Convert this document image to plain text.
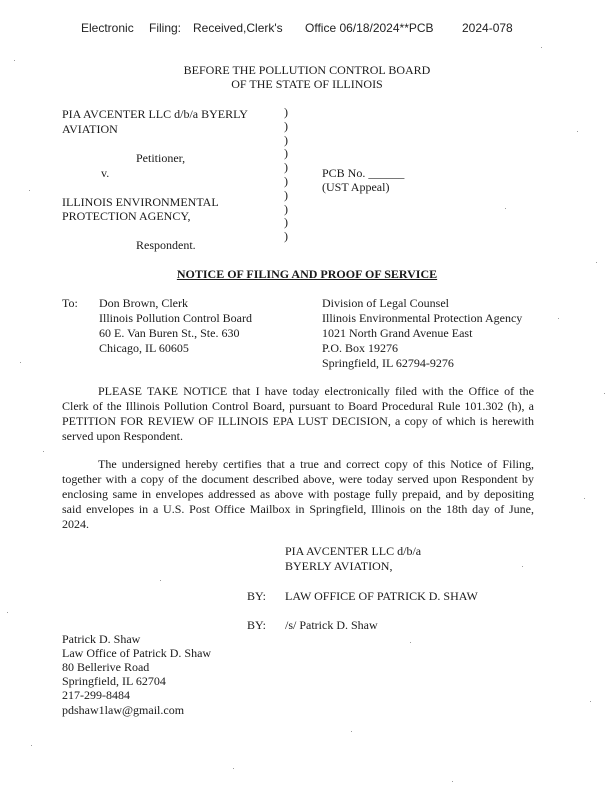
Electronic Filing: Received,Clerk's Office 06/18/2024**PCB 2024-078
BEFORE THE POLLUTION CONTROL BOARD
OF THE STATE OF ILLINOIS
PIA AVCENTER LLC d/b/a BYERLY
AVIATION
Petitioner,
v.
ILLINOIS ENVIRONMENTAL
PROTECTION AGENCY,
Respondent.
)
)
)
)
)
)
)
)
)
)
PCB No. ______
(UST Appeal)
NOTICE OF FILING AND PROOF OF SERVICE
To: Don Brown, Clerk
Illinois Pollution Control Board
60 E. Van Buren St., Ste. 630
Chicago, IL 60605
Division of Legal Counsel
Illinois Environmental Protection Agency
1021 North Grand Avenue East
P.O. Box 19276
Springfield, IL 62794-9276
PLEASE TAKE NOTICE that I have today electronically filed with the Office of the Clerk of the Illinois Pollution Control Board, pursuant to Board Procedural Rule 101.302 (h), a PETITION FOR REVIEW OF ILLINOIS EPA LUST DECISION, a copy of which is herewith served upon Respondent.
The undersigned hereby certifies that a true and correct copy of this Notice of Filing, together with a copy of the document described above, were today served upon Respondent by enclosing same in envelopes addressed as above with postage fully prepaid, and by depositing said envelopes in a U.S. Post Office Mailbox in Springfield, Illinois on the 18th day of June, 2024.
PIA AVCENTER LLC d/b/a
BYERLY AVIATION,
BY: LAW OFFICE OF PATRICK D. SHAW
BY: /s/ Patrick D. Shaw
Patrick D. Shaw
Law Office of Patrick D. Shaw
80 Bellerive Road
Springfield, IL 62704
217-299-8484
pdshaw1law@gmail.com
